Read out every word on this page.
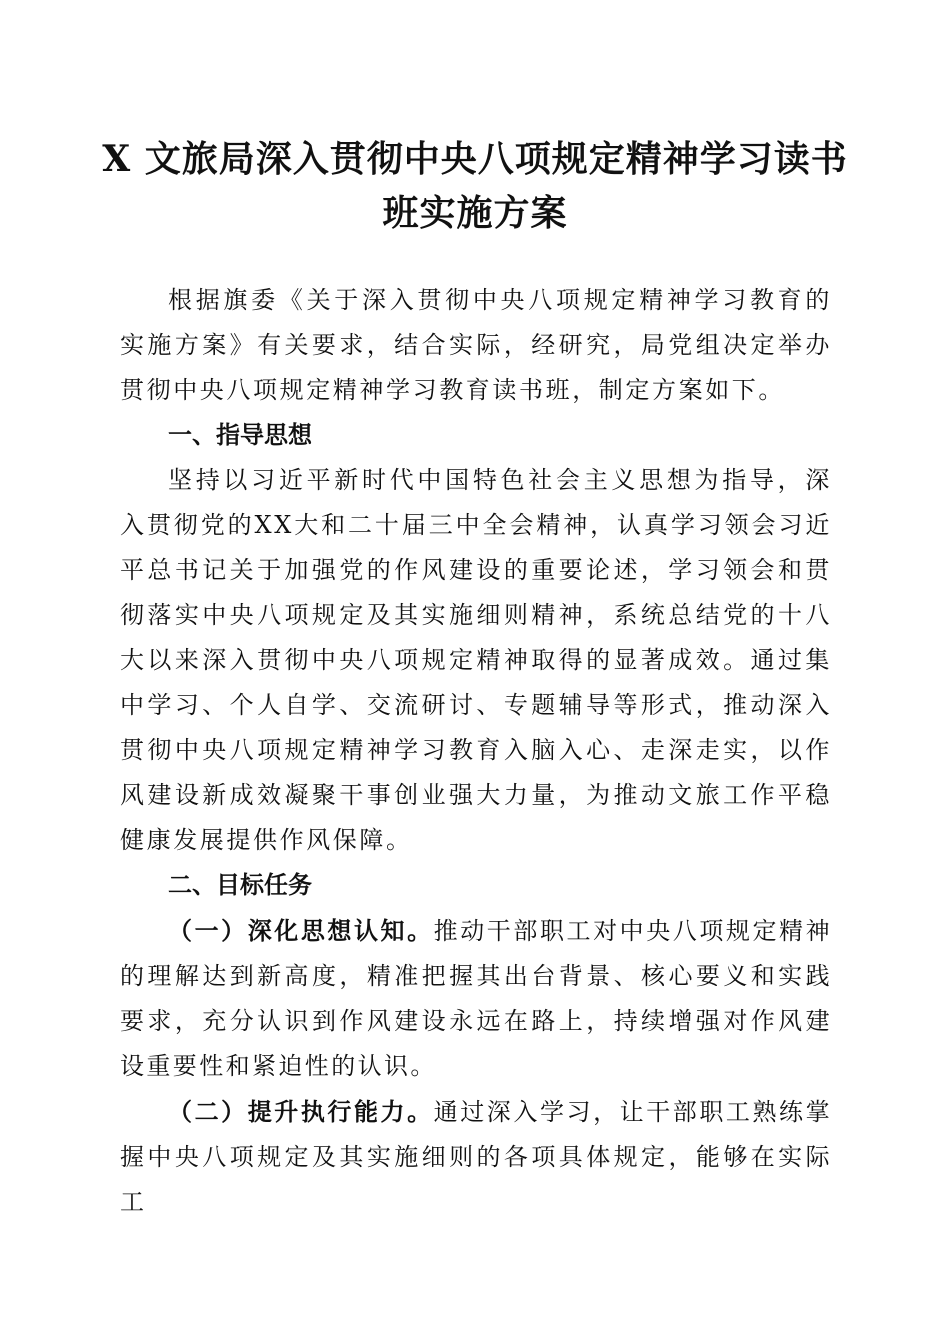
X 文旅局深入贯彻中央八项规定精神学习读书
班实施方案

根据旗委《关于深入贯彻中央八项规定精神学习教育的实施方案》有关要求，结合实际，经研究，局党组决定举办贯彻中央八项规定精神学习教育读书班，制定方案如下。

一、指导思想

坚持以习近平新时代中国特色社会主义思想为指导，深入贯彻党的XX大和二十届三中全会精神，认真学习领会习近平总书记关于加强党的作风建设的重要论述，学习领会和贯彻落实中央八项规定及其实施细则精神，系统总结党的十八大以来深入贯彻中央八项规定精神取得的显著成效。通过集中学习、个人自学、交流研讨、专题辅导等形式，推动深入贯彻中央八项规定精神学习教育入脑入心、走深走实，以作风建设新成效凝聚干事创业强大力量，为推动文旅工作平稳健康发展提供作风保障。

二、目标任务

（一）深化思想认知。推动干部职工对中央八项规定精神的理解达到新高度，精准把握其出台背景、核心要义和实践要求，充分认识到作风建设永远在路上，持续增强对作风建设重要性和紧迫性的认识。

（二）提升执行能力。通过深入学习，让干部职工熟练掌握中央八项规定及其实施细则的各项具体规定，能够在实际工
